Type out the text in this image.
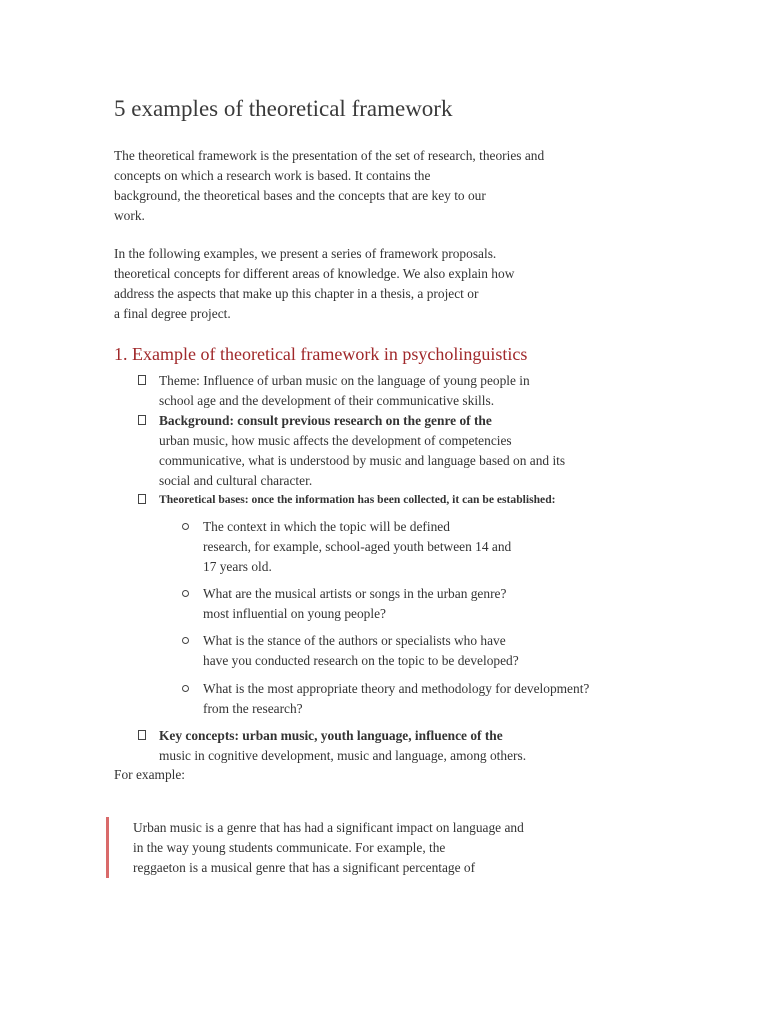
5 examples of theoretical framework

The theoretical framework is the presentation of the set of research, theories and
concepts on which a research work is based. It contains the
background, the theoretical bases and the concepts that are key to our
work.

In the following examples, we present a series of framework proposals.
theoretical concepts for different areas of knowledge. We also explain how
address the aspects that make up this chapter in a thesis, a project or
a final degree project.

1. Example of theoretical framework in psycholinguistics
Theme: Influence of urban music on the language of young people in
school age and the development of their communicative skills.
Background: consult previous research on the genre of the
urban music, how music affects the development of competencies
communicative, what is understood by music and language based on and its
social and cultural character.
Theoretical bases: once the information has been collected, it can be established:
The context in which the topic will be defined
research, for example, school-aged youth between 14 and
17 years old.
What are the musical artists or songs in the urban genre?
most influential on young people?
What is the stance of the authors or specialists who have
have you conducted research on the topic to be developed?
What is the most appropriate theory and methodology for development?
from the research?
Key concepts: urban music, youth language, influence of the
music in cognitive development, music and language, among others.

For example:

Urban music is a genre that has had a significant impact on language and
in the way young students communicate. For example, the
reggaeton is a musical genre that has a significant percentage of
